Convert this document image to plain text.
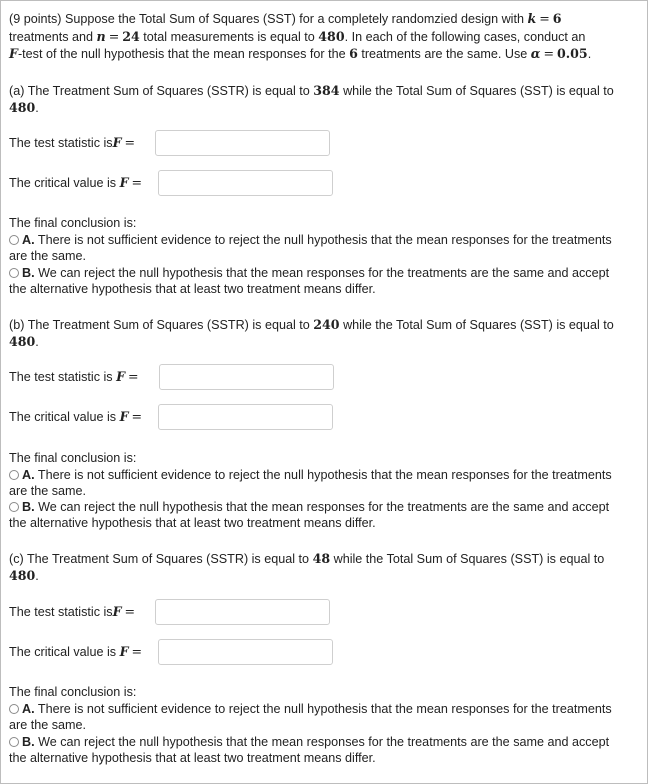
(9 points) Suppose the Total Sum of Squares (SST) for a completely randomzied design with k = 6
treatments and n = 24 total measurements is equal to 480. In each of the following cases, conduct an
F-test of the null hypothesis that the mean responses for the 6 treatments are the same. Use α = 0.05.
(a) The Treatment Sum of Squares (SSTR) is equal to 384 while the Total Sum of Squares (SST) is equal to
480.
The test statistic isF =
The critical value is F =
The final conclusion is:
A. There is not sufficient evidence to reject the null hypothesis that the mean responses for the treatments
are the same.
B. We can reject the null hypothesis that the mean responses for the treatments are the same and accept
the alternative hypothesis that at least two treatment means differ.
(b) The Treatment Sum of Squares (SSTR) is equal to 240 while the Total Sum of Squares (SST) is equal to
480.
The test statistic is F =
The critical value is F =
The final conclusion is:
A. There is not sufficient evidence to reject the null hypothesis that the mean responses for the treatments
are the same.
B. We can reject the null hypothesis that the mean responses for the treatments are the same and accept
the alternative hypothesis that at least two treatment means differ.
(c) The Treatment Sum of Squares (SSTR) is equal to 48 while the Total Sum of Squares (SST) is equal to
480.
The test statistic isF =
The critical value is F =
The final conclusion is:
A. There is not sufficient evidence to reject the null hypothesis that the mean responses for the treatments
are the same.
B. We can reject the null hypothesis that the mean responses for the treatments are the same and accept
the alternative hypothesis that at least two treatment means differ.
